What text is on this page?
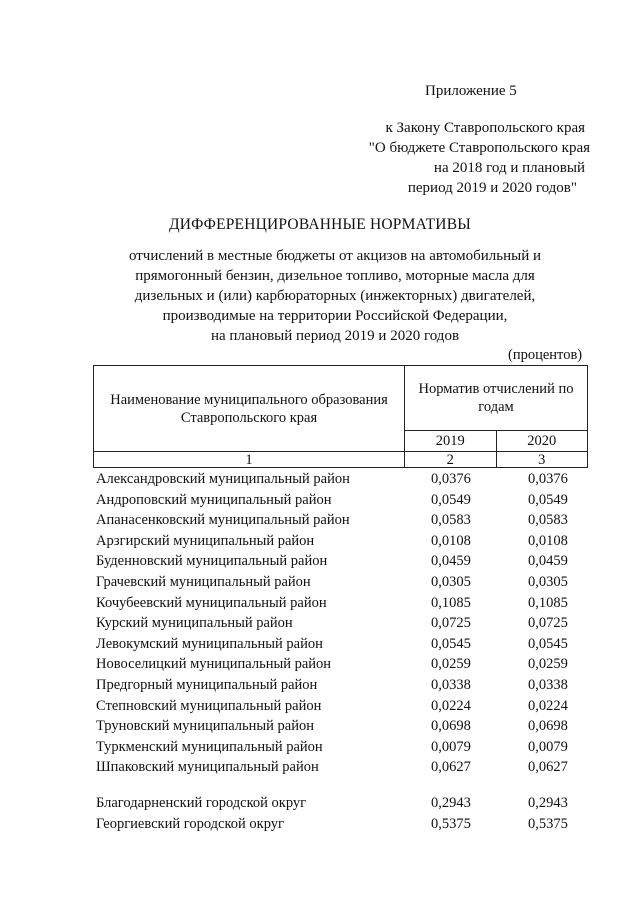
Приложение 5
к Закону Ставропольского края
"О бюджете Ставропольского края
на 2018 год и плановый
период 2019 и 2020 годов"
ДИФФЕРЕНЦИРОВАННЫЕ НОРМАТИВЫ
отчислений в местные бюджеты от акцизов на автомобильный и
прямогонный бензин, дизельное топливо, моторные масла для
дизельных и (или) карбюраторных (инжекторных) двигателей,
производимые на территории Российской Федерации,
на плановый период 2019 и 2020 годов
(процентов)
Наименование муниципального образования Ставропольского края	Норматив отчислений по годам	
	2019	2020
1	2	3
Александровский муниципальный район	0,0376	0,0376
Андроповский муниципальный район	0,0549	0,0549
Апанасенковский муниципальный район	0,0583	0,0583
Арзгирский муниципальный район	0,0108	0,0108
Буденновский муниципальный район	0,0459	0,0459
Грачевский муниципальный район	0,0305	0,0305
Кочубеевский муниципальный район	0,1085	0,1085
Курский муниципальный район	0,0725	0,0725
Левокумский муниципальный район	0,0545	0,0545
Новоселицкий муниципальный район	0,0259	0,0259
Предгорный муниципальный район	0,0338	0,0338
Степновский муниципальный район	0,0224	0,0224
Труновский муниципальный район	0,0698	0,0698
Туркменский муниципальный район	0,0079	0,0079
Шпаковский муниципальный район	0,0627	0,0627
Благодарненский городской округ	0,2943	0,2943
Георгиевский городской округ	0,5375	0,5375
